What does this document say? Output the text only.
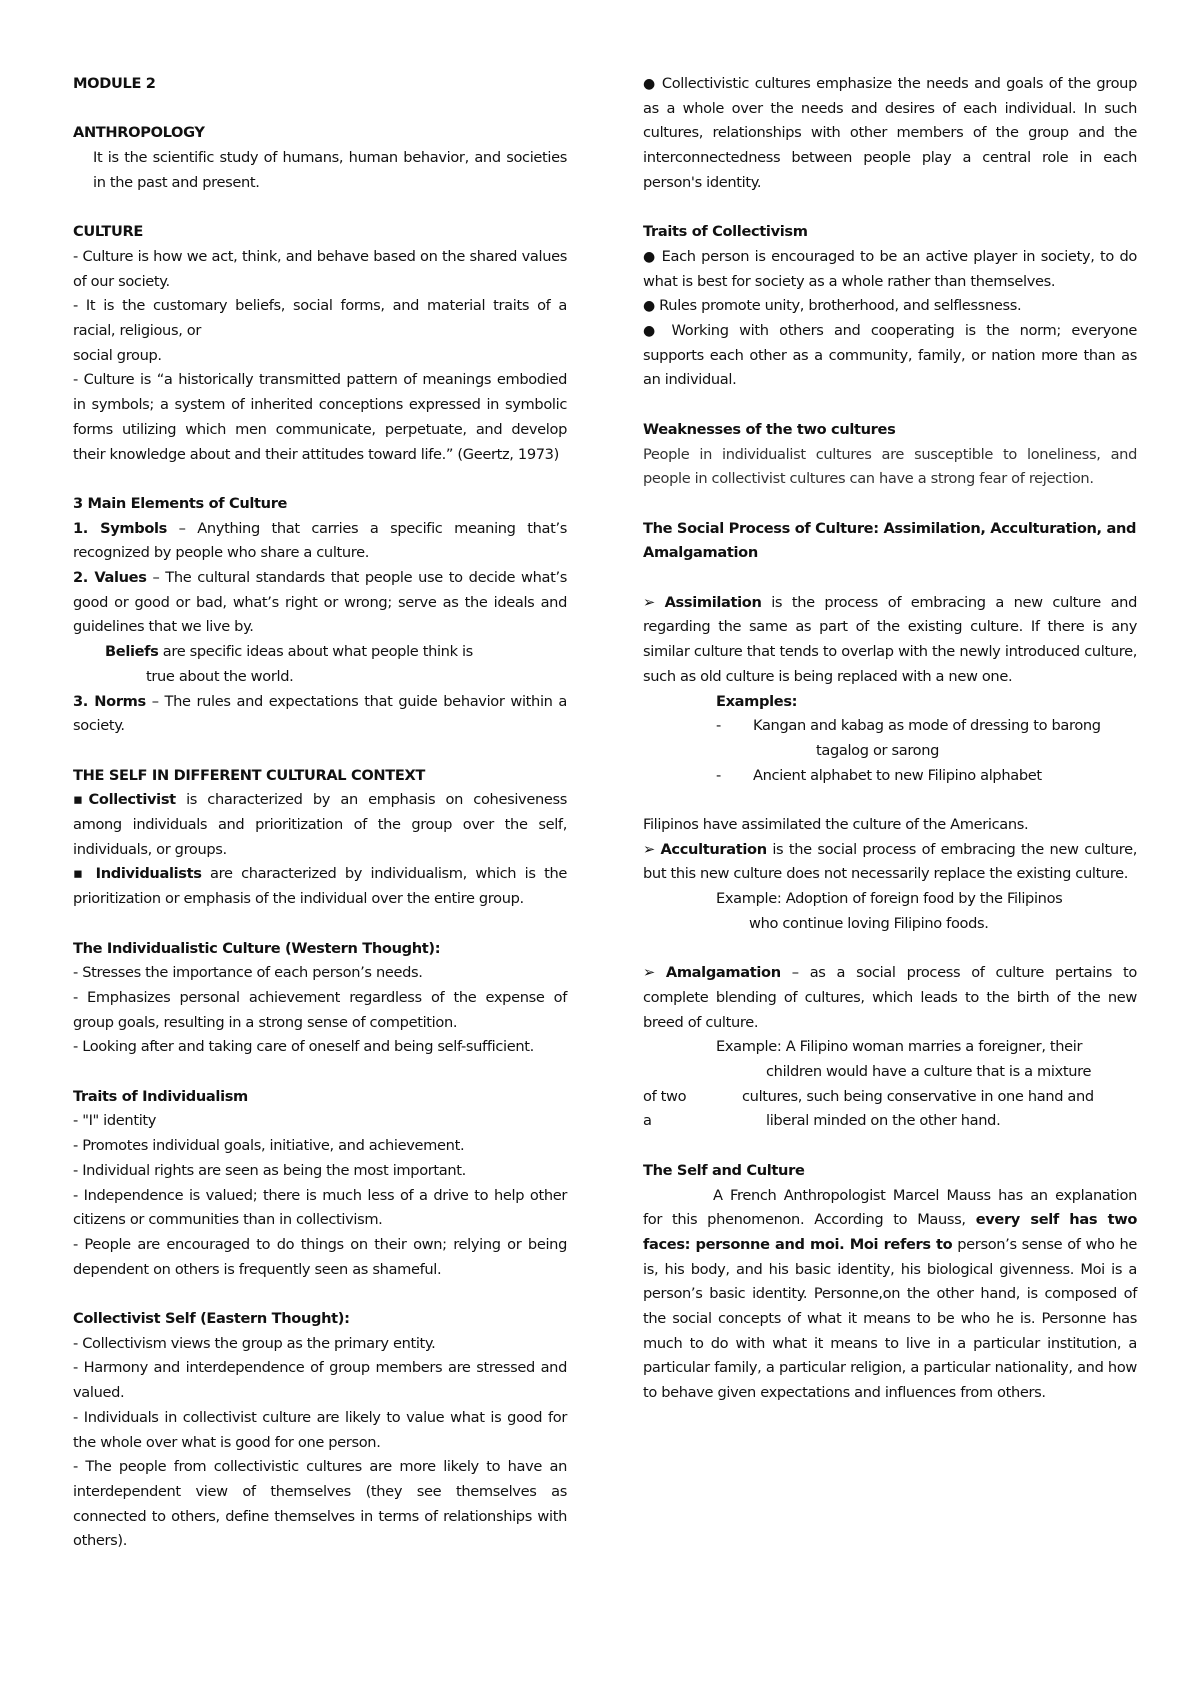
MODULE 2

ANTHROPOLOGY

It is the scientific study of humans, human behavior, and societies in the past and present.

CULTURE

- Culture is how we act, think, and behave based on the shared values of our society.

- It is the customary beliefs, social forms, and material traits of a racial, religious, or

social group.

- Culture is “a historically transmitted pattern of meanings embodied in symbols; a system of inherited conceptions expressed in symbolic forms utilizing which men communicate, perpetuate, and develop their knowledge about and their attitudes toward life.” (Geertz, 1973)

3 Main Elements of Culture

1. Symbols – Anything that carries a specific meaning that’s recognized by people who share a culture.

2. Values – The cultural standards that people use to decide what’s good or good or bad, what’s right or wrong; serve as the ideals and guidelines that we live by.

Beliefs are specific ideas about what people think is
true about the world.

3. Norms – The rules and expectations that guide behavior within a society.

THE SELF IN DIFFERENT CULTURAL CONTEXT

▪Collectivist is characterized by an emphasis on cohesiveness among individuals and prioritization of the group over the self, individuals, or groups.

▪ Individualists are characterized by individualism, which is the prioritization or emphasis of the individual over the entire group.

The Individualistic Culture (Western Thought):

- Stresses the importance of each person’s needs.

- Emphasizes personal achievement regardless of the expense of group goals, resulting in a strong sense of competition.

- Looking after and taking care of oneself and being self-sufficient.

Traits of Individualism

- "I" identity

- Promotes individual goals, initiative, and achievement.

- Individual rights are seen as being the most important.

- Independence is valued; there is much less of a drive to help other citizens or communities than in collectivism.

- People are encouraged to do things on their own; relying or being dependent on others is frequently seen as shameful.

Collectivist Self (Eastern Thought):

- Collectivism views the group as the primary entity.

- Harmony and interdependence of group members are stressed and valued.

- Individuals in collectivist culture are likely to value what is good for the whole over what is good for one person.

- The people from collectivistic cultures are more likely to have an interdependent view of themselves (they see themselves as connected to others, define themselves in terms of relationships with others).

● Collectivistic cultures emphasize the needs and goals of the group as a whole over the needs and desires of each individual. In such cultures, relationships with other members of the group and the interconnectedness between people play a central role in each person's identity.

Traits of Collectivism

● Each person is encouraged to be an active player in society, to do what is best for society as a whole rather than themselves.

● Rules promote unity, brotherhood, and selflessness.

● Working with others and cooperating is the norm; everyone supports each other as a community, family, or nation more than as an individual.

Weaknesses of the two cultures

People in individualist cultures are susceptible to loneliness, and people in collectivist cultures can have a strong fear of rejection.

The Social Process of Culture: Assimilation, Acculturation, and Amalgamation

➢ Assimilation is the process of embracing a new culture and regarding the same as part of the existing culture. If there is any similar culture that tends to overlap with the newly introduced culture, such as old culture is being replaced with a new one.

Examples:

- Kangan and kabag as mode of dressing to barong
tagalog or sarong

- Ancient alphabet to new Filipino alphabet

Filipinos have assimilated the culture of the Americans.

➢ Acculturation is the social process of embracing the new culture, but this new culture does not necessarily replace the existing culture.

Example: Adoption of foreign food by the Filipinos
who continue loving Filipino foods.

➢ Amalgamation – as a social process of culture pertains to complete blending of cultures, which leads to the birth of the new breed of culture.

Example: A Filipino woman marries a foreigner, their

children would have a culture that is a mixture

of two	cultures, such being conservative in one hand and

a	liberal minded on the other hand.

The Self and Culture

A French Anthropologist Marcel Mauss has an explanation for this phenomenon. According to Mauss, every self has two faces: personne and moi. Moi refers to person’s sense of who he is, his body, and his basic identity, his biological givenness. Moi is a person’s basic identity. Personne,on the other hand, is composed of the social concepts of what it means to be who he is. Personne has much to do with what it means to live in a particular institution, a particular family, a particular religion, a particular nationality, and how to behave given expectations and influences from others.
